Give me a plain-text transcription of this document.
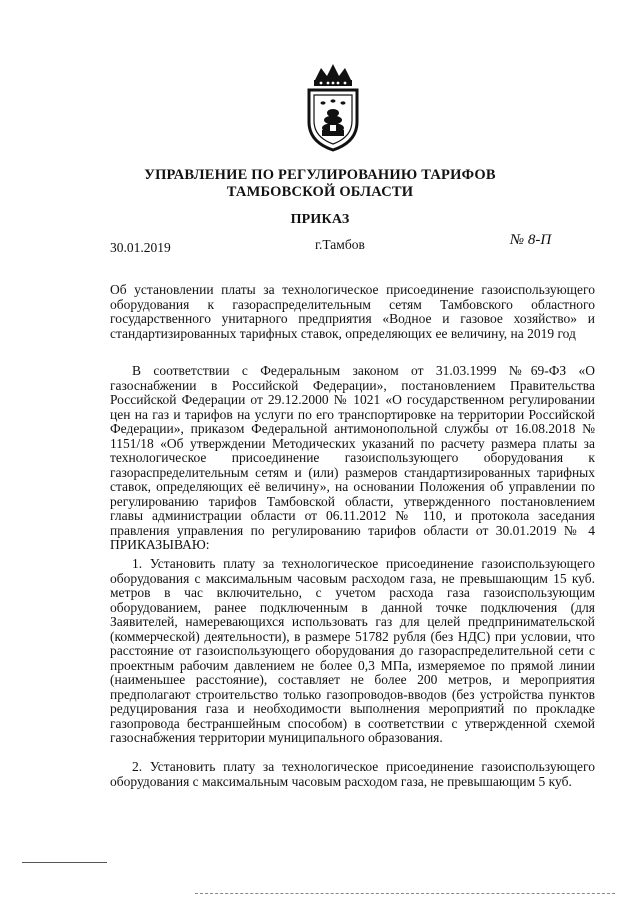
УПРАВЛЕНИЕ ПО РЕГУЛИРОВАНИЮ ТАРИФОВ
ТАМБОВСКОЙ ОБЛАСТИ
ПРИКАЗ
30.01.2019	г.Тамбов	№ 8-П
Об установлении платы за технологическое присоединение газоиспользующего оборудования к газораспределительным сетям Тамбовского областного государственного унитарного предприятия «Водное и газовое хозяйство» и стандартизированных тарифных ставок, определяющих ее величину, на 2019 год
В соответствии с Федеральным законом от 31.03.1999 №69-ФЗ «О газоснабжении в Российской Федерации», постановлением Правительства Российской Федерации от 29.12.2000 № 1021 «О государственном регулировании цен на газ и тарифов на услуги по его транспортировке на территории Российской Федерации», приказом Федеральной антимонопольной службы от 16.08.2018 № 1151/18 «Об утверждении Методических указаний по расчету размера платы за технологическое присоединение газоиспользующего оборудования к газораспределительным сетям и (или) размеров стандартизированных тарифных ставок, определяющих её величину», на основании Положения об управлении по регулированию тарифов Тамбовской области, утвержденного постановлением главы администрации области от 06.11.2012 № 110, и протокола заседания правления управления по регулированию тарифов области от 30.01.2019 № 4 ПРИКАЗЫВАЮ:
1. Установить плату за технологическое присоединение газоиспользующего оборудования с максимальным часовым расходом газа, не превышающим 15 куб. метров в час включительно, с учетом расхода газа газоиспользующим оборудованием, ранее подключенным в данной точке подключения (для Заявителей, намеревающихся использовать газ для целей предпринимательской (коммерческой) деятельности), в размере 51782 рубля (без НДС) при условии, что расстояние от газоиспользующего оборудования до газораспределительной сети с проектным рабочим давлением не более 0,3 МПа, измеряемое по прямой линии (наименьшее расстояние), составляет не более 200 метров, и мероприятия предполагают строительство только газопроводов-вводов (без устройства пунктов редуцирования газа и необходимости выполнения мероприятий по прокладке газопровода бестраншейным способом) в соответствии с утвержденной схемой газоснабжения территории муниципального образования.
2. Установить плату за технологическое присоединение газоиспользующего оборудования с максимальным часовым расходом газа, не превышающим 5 куб.
